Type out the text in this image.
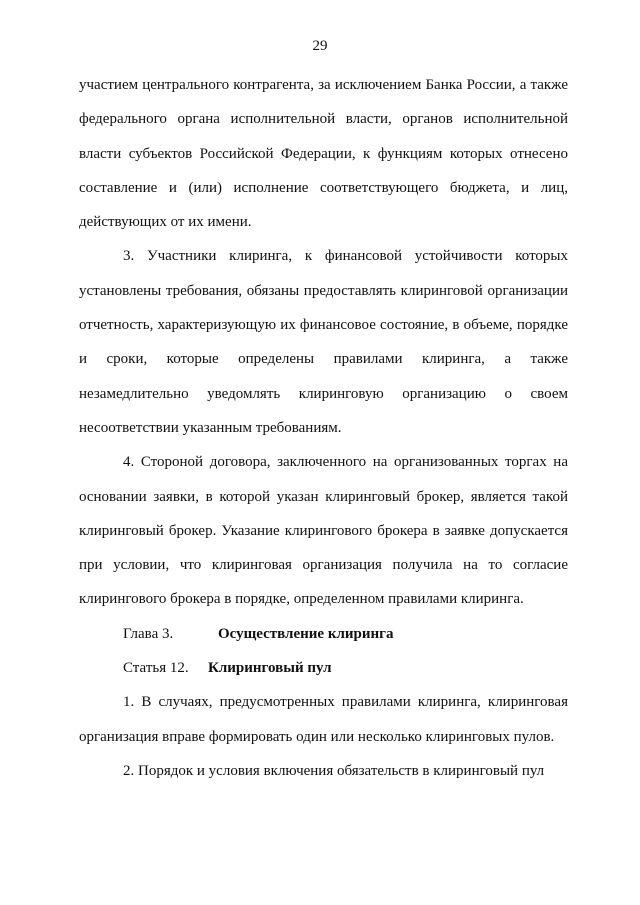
29

участием центрального контрагента, за исключением Банка России, а также федерального органа исполнительной власти, органов исполнительной власти субъектов Российской Федерации, к функциям которых отнесено составление и (или) исполнение соответствующего бюджета, и лиц, действующих от их имени.

3. Участники клиринга, к финансовой устойчивости которых установлены требования, обязаны предоставлять клиринговой организации отчетность, характеризующую их финансовое состояние, в объеме, порядке и сроки, которые определены правилами клиринга, а также незамедлительно уведомлять клиринговую организацию о своем несоответствии указанным требованиям.

4. Стороной договора, заключенного на организованных торгах на основании заявки, в которой указан клиринговый брокер, является такой клиринговый брокер. Указание клирингового брокера в заявке допускается при условии, что клиринговая организация получила на то согласие клирингового брокера в порядке, определенном правилами клиринга.

Глава 3.	Осуществление клиринга

Статья 12. Клиринговый пул

1. В случаях, предусмотренных правилами клиринга, клиринговая организация вправе формировать один или несколько клиринговых пулов.

2. Порядок и условия включения обязательств в клиринговый пул
